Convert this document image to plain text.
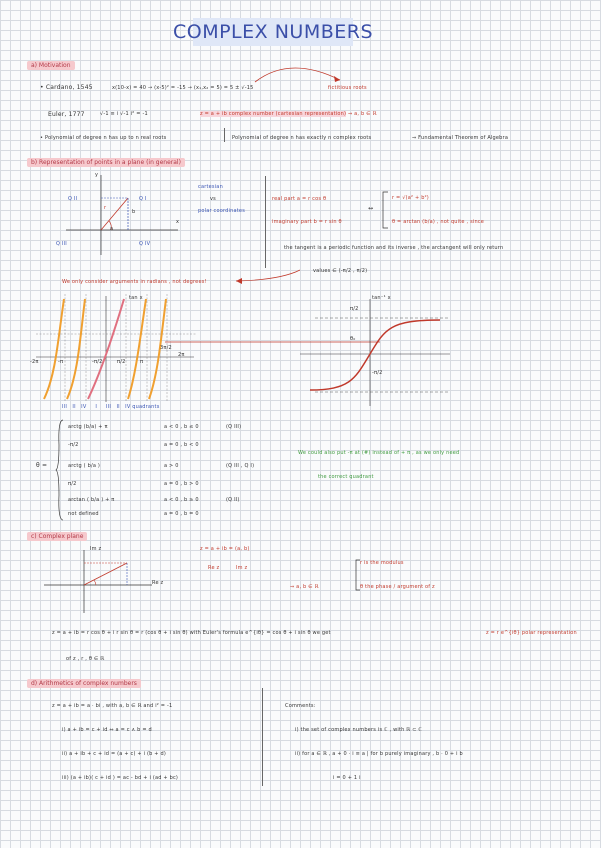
COMPLEX NUMBERS
a) Motivation
• Cardano, 1545	x(10-x) = 40 → (x-5)² = -15 → (x₁,x₂ = 5) = 5 ± √-15	fictitious roots
Euler, 1777	√-1 ≡ i √-1 i² = -1	z = a + ib complex number (cartesian representation) ⇒ a, b ∈ ℝ
• Polynomial of degree n has up to n real roots	Polynomial of degree n has exactly n complex roots	⇒ Fundamental Theorem of Algebra
b) Representation of points in a plane (in general)
Q II	Q I
Q III	Q IV
y
x
a
b
r
cartesian
vs
polar coordinates
real part a = r cos θ
imaginary part b = r sin θ
↔
r = √(a² + b²)
θ = arctan (b/a) , not quite , since
the tangent is a periodic function and its inverse , the arctangent will only return
values ∈ (-π/2 , π/2)
We only consider arguments in radians , not degrees!
tan x
-2π	-π	-π/2	π/2	π
3π/2
2π
III II IV I III II IV quadrants
tan⁻¹ x
π/2
θ₀
-π/2
θ =
arctg (b/a) + π	a < 0 , b ≤ 0	(Q III)
-π/2	a = 0 , b < 0
arctg ( b/a )	a > 0	(Q III , Q I)
π/2	a = 0 , b > 0
arctan ( b/a ) + π	a < 0 , b ≥ 0	(Q II)
not defined	a = 0 , b = 0
We could also put -π at (#) instead of + π , as we only need
the correct quadrant
c) Complex plane
Im z
Re z
z = a + ib = (a, b)
Re z	Im z
⇒ a, b ∈ ℝ
r is the modulus
θ the phase / argument of z
z = a + ib = r cos θ + i r sin θ = r (cos θ + i sin θ) with Euler's formula e^{iθ} = cos θ + i sin θ we get	z = r e^{iθ} polar representation
of z , r , θ ∈ ℝ
d) Arithmetics of complex numbers
z = a + ib = a · bi , with a, b ∈ ℝ and i² = -1
i) a + ib = c + id ⇔ a = c ∧ b = d
ii) a + ib + c + id = (a + c) + i (b + d)
iii) (a + ib)( c + id ) = ac - bd + i (ad + bc)
Comments:
i) the set of complex numbers is ℂ , with ℝ ⊂ ℂ
ii) for a ∈ ℝ , a + 0 · i ≡ a | for b purely imaginary , b · 0 + i b
i = 0 + 1 i
